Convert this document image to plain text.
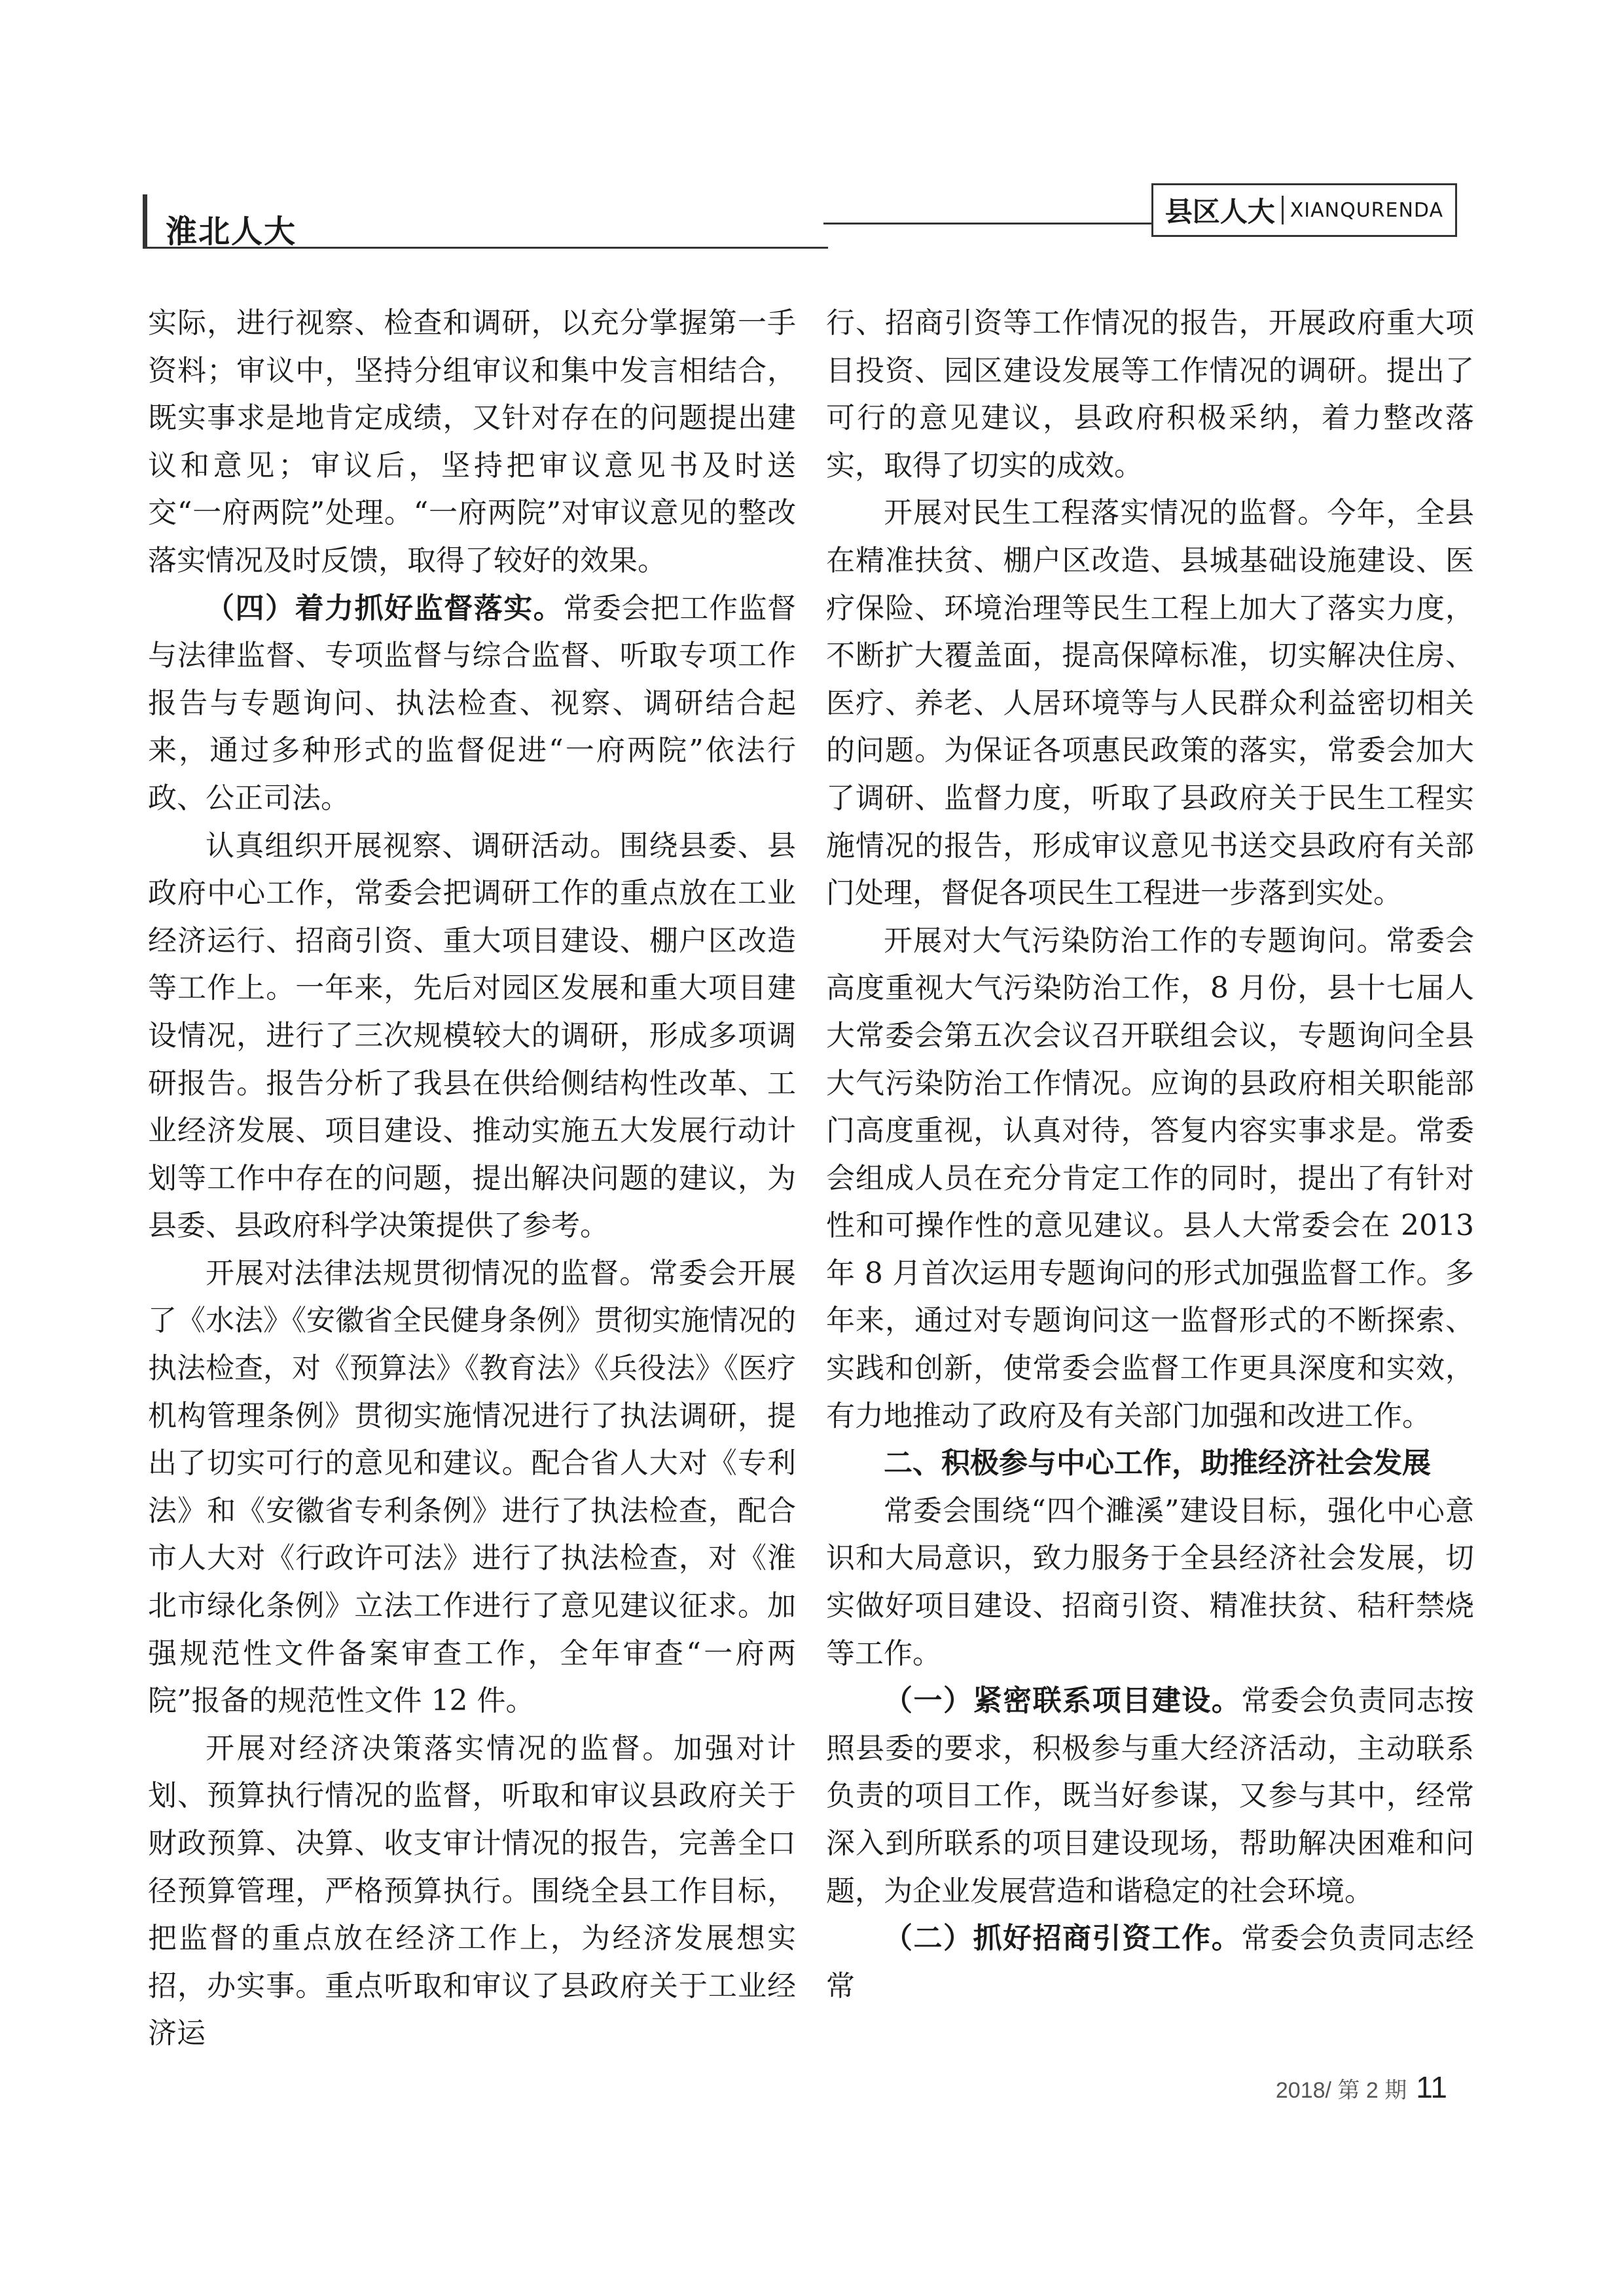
淮北人大
县区人大 XIANQURENDA

实际，进行视察、检查和调研，以充分掌握第一手资料；审议中，坚持分组审议和集中发言相结合，既实事求是地肯定成绩，又针对存在的问题提出建议和意见；审议后，坚持把审议意见书及时送交“一府两院”处理。“一府两院”对审议意见的整改落实情况及时反馈，取得了较好的效果。

（四）着力抓好监督落实。常委会把工作监督与法律监督、专项监督与综合监督、听取专项工作报告与专题询问、执法检查、视察、调研结合起来，通过多种形式的监督促进“一府两院”依法行政、公正司法。

认真组织开展视察、调研活动。围绕县委、县政府中心工作，常委会把调研工作的重点放在工业经济运行、招商引资、重大项目建设、棚户区改造等工作上。一年来，先后对园区发展和重大项目建设情况，进行了三次规模较大的调研，形成多项调研报告。报告分析了我县在供给侧结构性改革、工业经济发展、项目建设、推动实施五大发展行动计划等工作中存在的问题，提出解决问题的建议，为县委、县政府科学决策提供了参考。

开展对法律法规贯彻情况的监督。常委会开展了《水法》《安徽省全民健身条例》贯彻实施情况的执法检查，对《预算法》《教育法》《兵役法》《医疗机构管理条例》贯彻实施情况进行了执法调研，提出了切实可行的意见和建议。配合省人大对《专利法》和《安徽省专利条例》进行了执法检查，配合市人大对《行政许可法》进行了执法检查，对《淮北市绿化条例》立法工作进行了意见建议征求。加强规范性文件备案审查工作，全年审查“一府两院”报备的规范性文件 12 件。

开展对经济决策落实情况的监督。加强对计划、预算执行情况的监督，听取和审议县政府关于财政预算、决算、收支审计情况的报告，完善全口径预算管理，严格预算执行。围绕全县工作目标，把监督的重点放在经济工作上，为经济发展想实招，办实事。重点听取和审议了县政府关于工业经济运

行、招商引资等工作情况的报告，开展政府重大项目投资、园区建设发展等工作情况的调研。提出了可行的意见建议，县政府积极采纳，着力整改落实，取得了切实的成效。

开展对民生工程落实情况的监督。今年，全县在精准扶贫、棚户区改造、县城基础设施建设、医疗保险、环境治理等民生工程上加大了落实力度，不断扩大覆盖面，提高保障标准，切实解决住房、医疗、养老、人居环境等与人民群众利益密切相关的问题。为保证各项惠民政策的落实，常委会加大了调研、监督力度，听取了县政府关于民生工程实施情况的报告，形成审议意见书送交县政府有关部门处理，督促各项民生工程进一步落到实处。

开展对大气污染防治工作的专题询问。常委会高度重视大气污染防治工作，8 月份，县十七届人大常委会第五次会议召开联组会议，专题询问全县大气污染防治工作情况。应询的县政府相关职能部门高度重视，认真对待，答复内容实事求是。常委会组成人员在充分肯定工作的同时，提出了有针对性和可操作性的意见建议。县人大常委会在 2013 年 8 月首次运用专题询问的形式加强监督工作。多年来，通过对专题询问这一监督形式的不断探索、实践和创新，使常委会监督工作更具深度和实效，有力地推动了政府及有关部门加强和改进工作。

二、积极参与中心工作，助推经济社会发展

常委会围绕“四个濉溪”建设目标，强化中心意识和大局意识，致力服务于全县经济社会发展，切实做好项目建设、招商引资、精准扶贫、秸秆禁烧等工作。

（一）紧密联系项目建设。常委会负责同志按照县委的要求，积极参与重大经济活动，主动联系负责的项目工作，既当好参谋，又参与其中，经常深入到所联系的项目建设现场，帮助解决困难和问题，为企业发展营造和谐稳定的社会环境。

（二）抓好招商引资工作。常委会负责同志经常

2018/ 第 2 期 11
